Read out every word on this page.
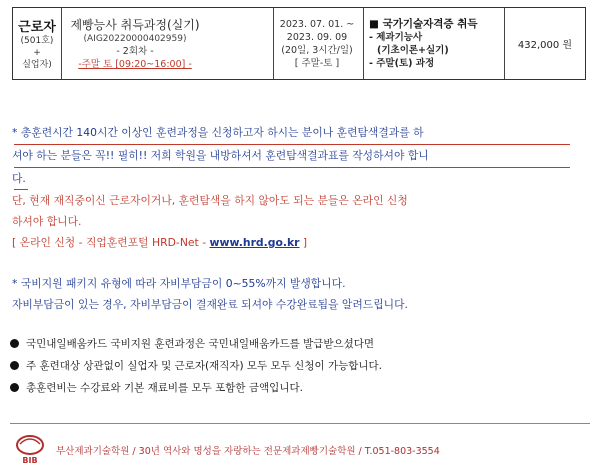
근로자
(501호)
+
실업자)
제빵능사 취득과정(실기)
(AIG20220000402959)
- 2회차 -
-주말 토 [09:20~16:00] -
2023. 07. 01. ~
2023. 09. 09
(20일, 3시간/일)
[ 주말-토 ]
■ 국가기술자격증 취득
- 제과기능사
(기초이론+실기)
- 주말(토) 과정
432,000 원
* 총훈련시간 140시간 이상인 훈련과정을 신청하고자 하시는 분이나 훈련탐색결과를 하
셔야 하는 분들은 꼭!! 필히!! 저희 학원을 내방하셔서 훈련탐색결과표를 작성하셔야 합니
다.
단, 현재 재직중이신 근로자이거나, 훈련탐색을 하지 않아도 되는 분들은 온라인 신청
하셔야 합니다.
[ 온라인 신청 - 직업훈련포털 HRD-Net - www.hrd.go.kr ]
* 국비지원 패키지 유형에 따라 자비부담금이 0~55%까지 발생합니다.
자비부담금이 있는 경우, 자비부담금이 결재완료 되셔야 수강완료됨을 알려드립니다.
국민내일배움카드 국비지원 훈련과정은 국민내일배움카드를 발급받으셨다면
주 훈련대상 상관없이 실업자 및 근로자(재직자) 모두 모두 신청이 가능합니다.
총훈련비는 수강료와 기본 재료비를 모두 포함한 금액입니다.
BIB
부산제과기술학원 / 30년 역사와 명성을 자랑하는 전문제과제빵기술학원 / T.051-803-3554
